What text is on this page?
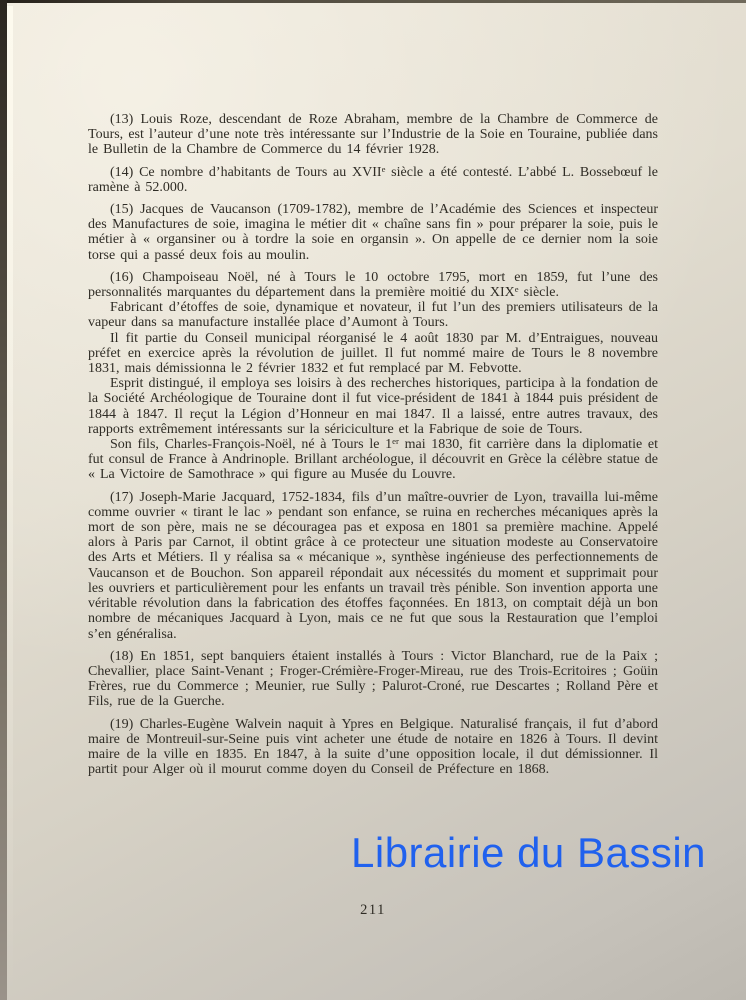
(13) Louis Roze, descendant de Roze Abraham, membre de la Chambre de Commerce de Tours, est l’auteur d’une note très intéressante sur l’Industrie de la Soie en Touraine, publiée dans le Bulletin de la Chambre de Commerce du 14 février 1928.

(14) Ce nombre d’habitants de Tours au XVIIe siècle a été contesté. L’abbé L. Bossebœuf le ramène à 52.000.

(15) Jacques de Vaucanson (1709-1782), membre de l’Académie des Sciences et inspecteur des Manufactures de soie, imagina le métier dit « chaîne sans fin » pour préparer la soie, puis le métier à « organsiner ou à tordre la soie en organsin ». On appelle de ce dernier nom la soie torse qui a passé deux fois au moulin.

(16) Champoiseau Noël, né à Tours le 10 octobre 1795, mort en 1859, fut l’une des personnalités marquantes du département dans la première moitié du XIXe siècle.

Fabricant d’étoffes de soie, dynamique et novateur, il fut l’un des premiers utilisateurs de la vapeur dans sa manufacture installée place d’Aumont à Tours.

Il fit partie du Conseil municipal réorganisé le 4 août 1830 par M. d’Entraigues, nouveau préfet en exercice après la révolution de juillet. Il fut nommé maire de Tours le 8 novembre 1831, mais démissionna le 2 février 1832 et fut remplacé par M. Febvotte.

Esprit distingué, il employa ses loisirs à des recherches historiques, participa à la fondation de la Société Archéologique de Touraine dont il fut vice-président de 1841 à 1844 puis président de 1844 à 1847. Il reçut la Légion d’Honneur en mai 1847. Il a laissé, entre autres travaux, des rapports extrêmement intéressants sur la sériciculture et la Fabrique de soie de Tours.

Son fils, Charles-François-Noël, né à Tours le 1er mai 1830, fit carrière dans la diplomatie et fut consul de France à Andrinople. Brillant archéologue, il découvrit en Grèce la célèbre statue de « La Victoire de Samothrace » qui figure au Musée du Louvre.

(17) Joseph-Marie Jacquard, 1752-1834, fils d’un maître-ouvrier de Lyon, travailla lui-même comme ouvrier « tirant le lac » pendant son enfance, se ruina en recherches mécaniques après la mort de son père, mais ne se découragea pas et exposa en 1801 sa première machine. Appelé alors à Paris par Carnot, il obtint grâce à ce protecteur une situation modeste au Conservatoire des Arts et Métiers. Il y réalisa sa « mécanique », synthèse ingénieuse des perfectionnements de Vaucanson et de Bouchon. Son appareil répondait aux nécessités du moment et supprimait pour les ouvriers et particulièrement pour les enfants un travail très pénible. Son invention apporta une véritable révolution dans la fabrication des étoffes façonnées. En 1813, on comptait déjà un bon nombre de mécaniques Jacquard à Lyon, mais ce ne fut que sous la Restauration que l’emploi s’en généralisa.

(18) En 1851, sept banquiers étaient installés à Tours : Victor Blanchard, rue de la Paix ; Chevallier, place Saint-Venant ; Froger-Crémière-Froger-Mireau, rue des Trois-Ecritoires ; Goüin Frères, rue du Commerce ; Meunier, rue Sully ; Palurot-Croné, rue Descartes ; Rolland Père et Fils, rue de la Guerche.

(19) Charles-Eugène Walvein naquit à Ypres en Belgique. Naturalisé français, il fut d’abord maire de Montreuil-sur-Seine puis vint acheter une étude de notaire en 1826 à Tours. Il devint maire de la ville en 1835. En 1847, à la suite d’une opposition locale, il dut démissionner. Il partit pour Alger où il mourut comme doyen du Conseil de Préfecture en 1868.

Librairie du Bassin
211
